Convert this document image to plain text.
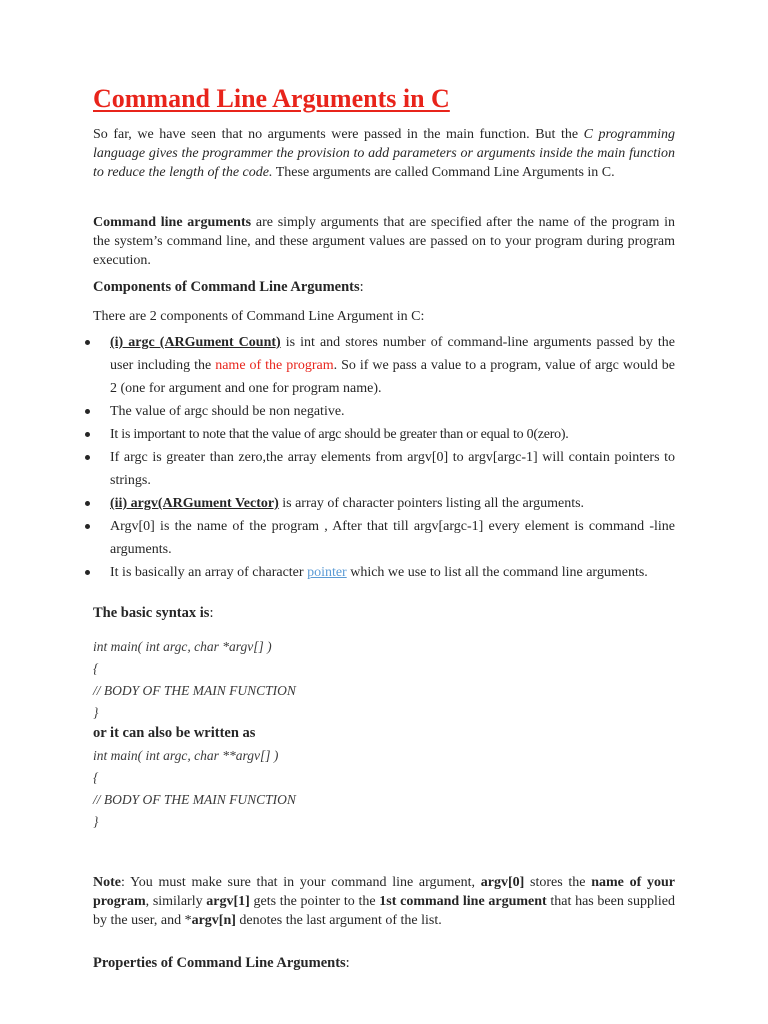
Command Line Arguments in C
So far, we have seen that no arguments were passed in the main function. But the C programming language gives the programmer the provision to add parameters or arguments inside the main function to reduce the length of the code. These arguments are called Command Line Arguments in C.
Command line arguments are simply arguments that are specified after the name of the program in the system’s command line, and these argument values are passed on to your program during program execution.
Components of Command Line Arguments:
There are 2 components of Command Line Argument in C:
(i) argc (ARGument Count) is int and stores number of command-line arguments passed by the user including the name of the program. So if we pass a value to a program, value of argc would be 2 (one for argument and one for program name).
The value of argc should be non negative.
It is important to note that the value of argc should be greater than or equal to 0(zero).
If argc is greater than zero,the array elements from argv[0] to argv[argc-1] will contain pointers to strings.
(ii) argv(ARGument Vector) is array of character pointers listing all the arguments.
Argv[0] is the name of the program , After that till argv[argc-1] every element is command -line arguments.
It is basically an array of character pointer which we use to list all the command line arguments.
The basic syntax is:
int main( int argc, char *argv[] )
{
// BODY OF THE MAIN FUNCTION
}
or it can also be written as
int main( int argc, char **argv[] )
{
// BODY OF THE MAIN FUNCTION
}
Note: You must make sure that in your command line argument, argv[0] stores the name of your program, similarly argv[1] gets the pointer to the 1st command line argument that has been supplied by the user, and *argv[n] denotes the last argument of the list.
Properties of Command Line Arguments:
